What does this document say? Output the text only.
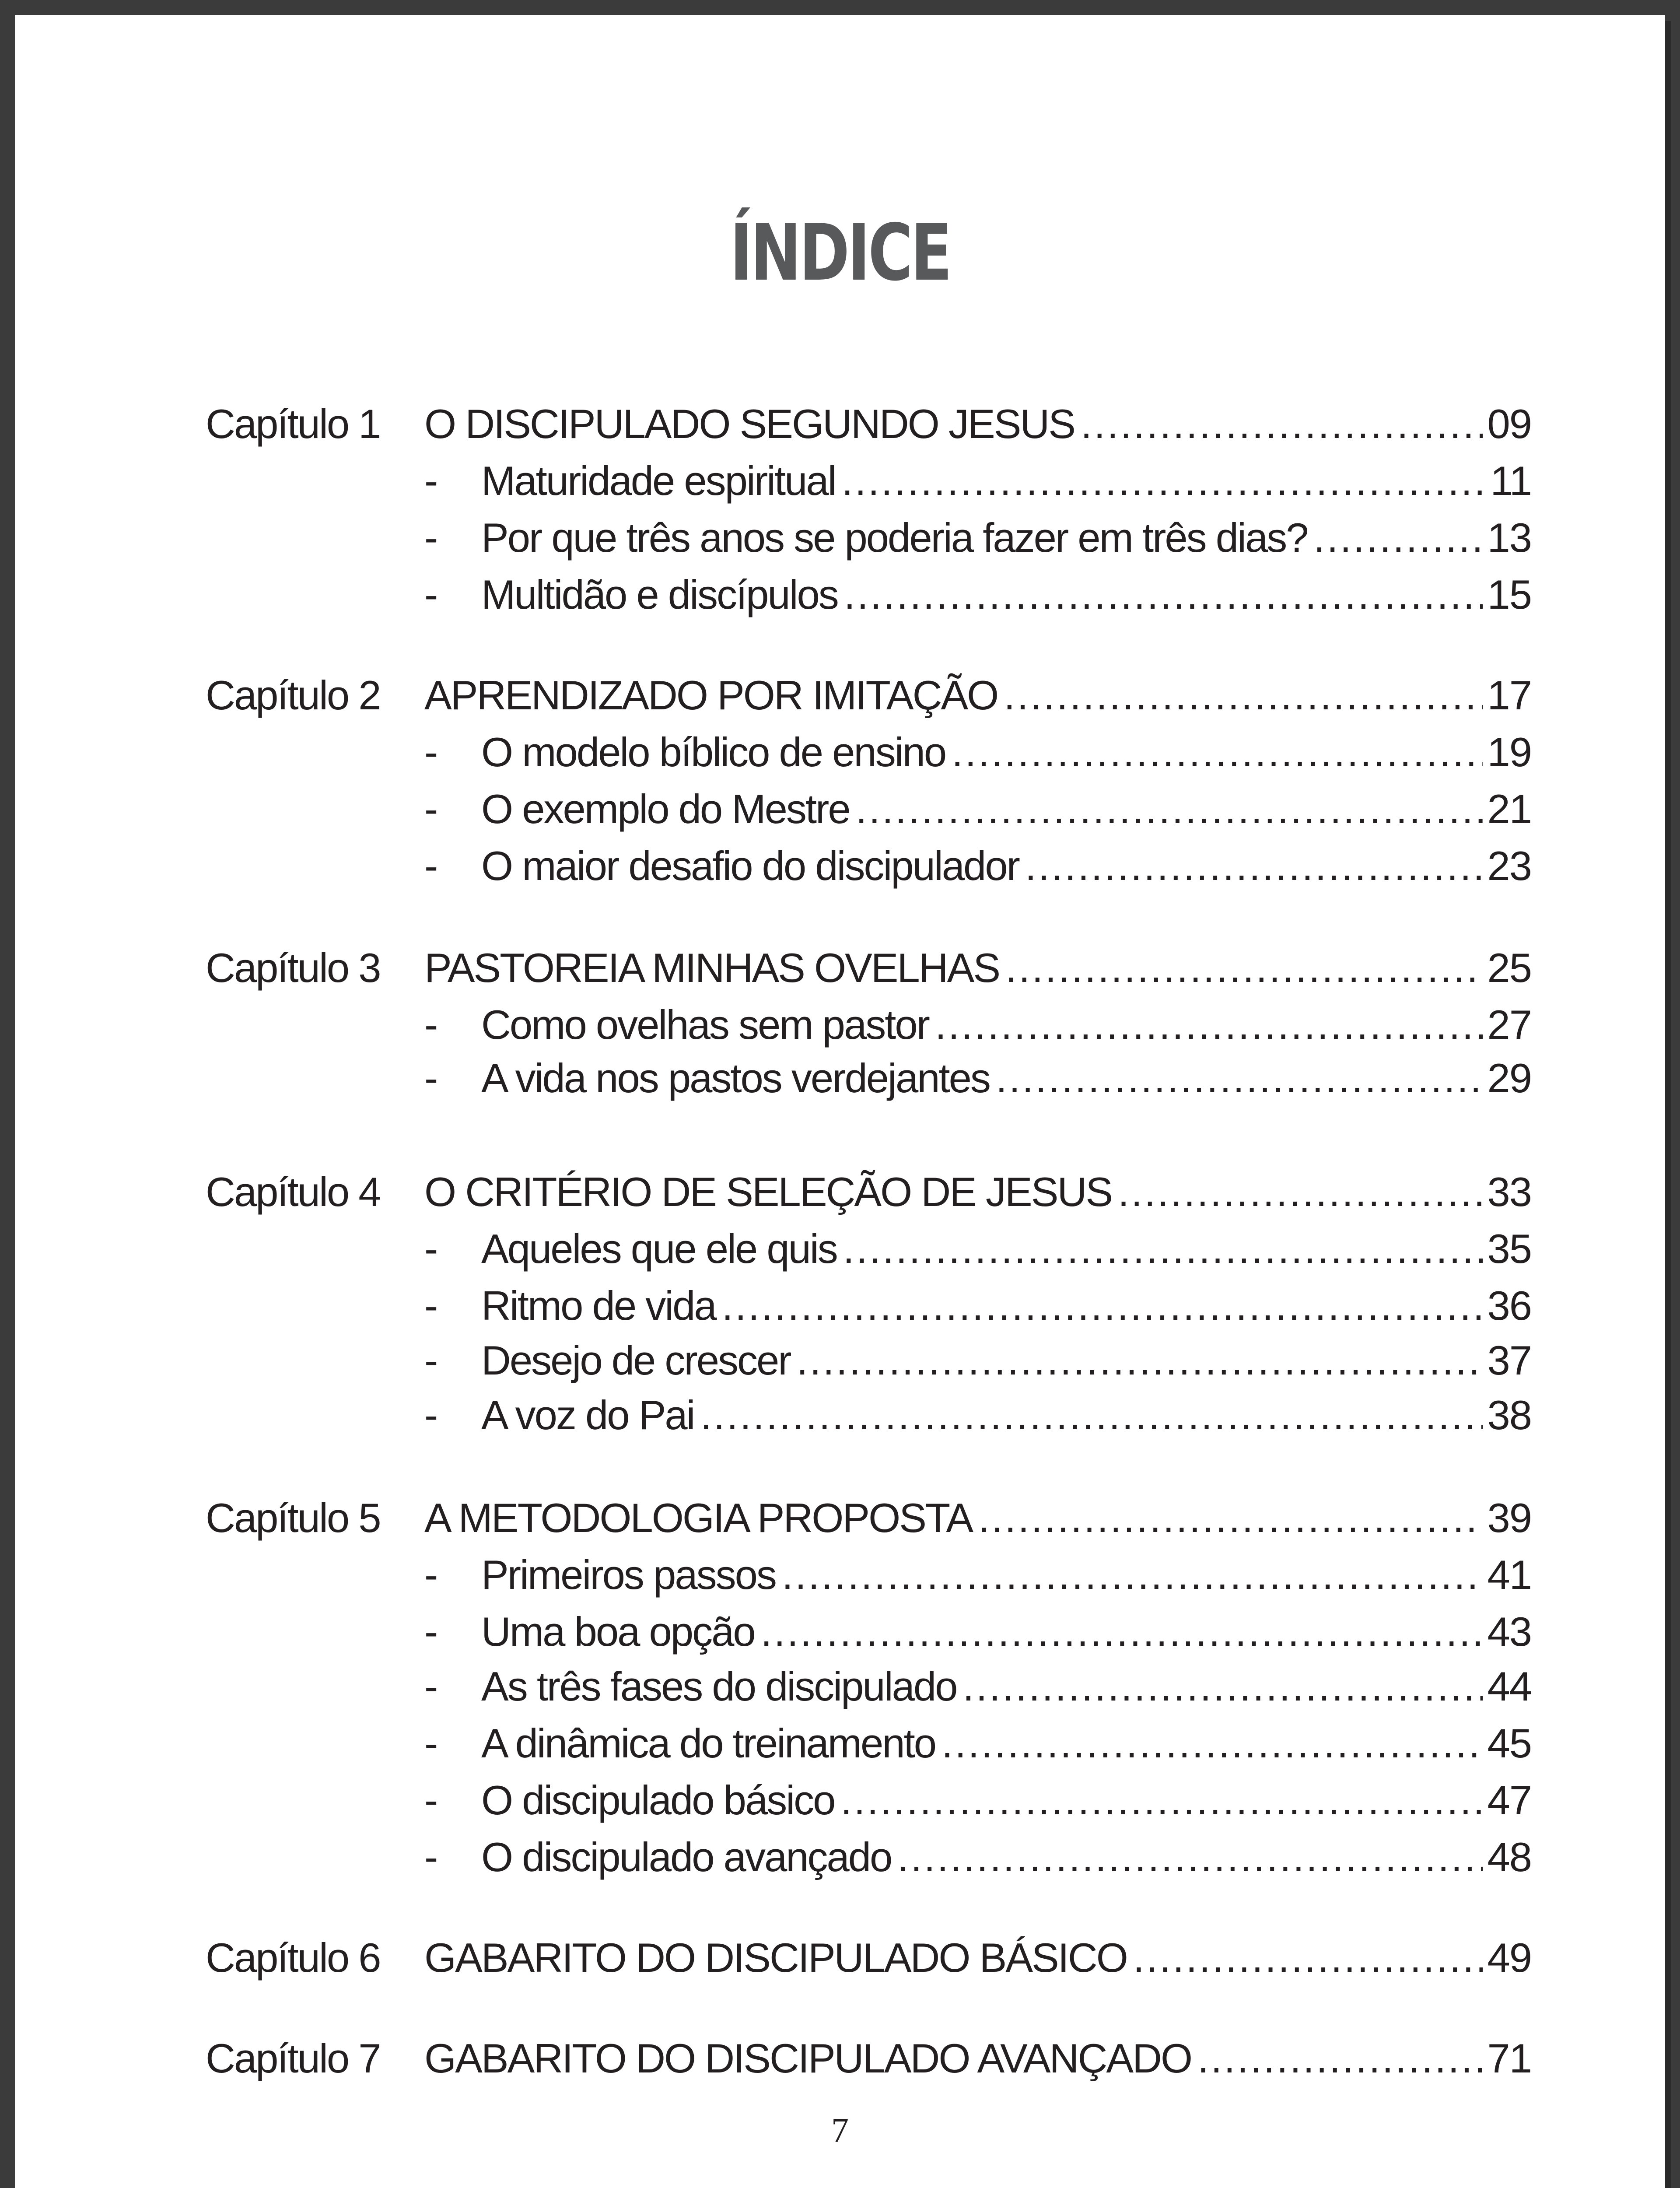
ÍNDICE
Capítulo 1	O DISCIPULADO SEGUNDO JESUS .....	09
-	Maturidade espiritual .....	11
-	Por que três anos se poderia fazer em três dias? .....	13
-	Multidão e discípulos .....	15
Capítulo 2	APRENDIZADO POR IMITAÇÃO .....	17
-	O modelo bíblico de ensino .....	19
-	O exemplo do Mestre .....	21
-	O maior desafio do discipulador .....	23
Capítulo 3	PASTOREIA MINHAS OVELHAS .....	25
-	Como ovelhas sem pastor .....	27
-	A vida nos pastos verdejantes .....	29
Capítulo 4	O CRITÉRIO DE SELEÇÃO DE JESUS .....	33
-	Aqueles que ele quis .....	35
-	Ritmo de vida .....	36
-	Desejo de crescer .....	37
-	A voz do Pai .....	38
Capítulo 5	A METODOLOGIA PROPOSTA .....	39
-	Primeiros passos .....	41
-	Uma boa opção .....	43
-	As três fases do discipulado .....	44
-	A dinâmica do treinamento .....	45
-	O discipulado básico .....	47
-	O discipulado avançado .....	48
Capítulo 6	GABARITO DO DISCIPULADO BÁSICO .....	49
Capítulo 7	GABARITO DO DISCIPULADO AVANÇADO .....	71
7
